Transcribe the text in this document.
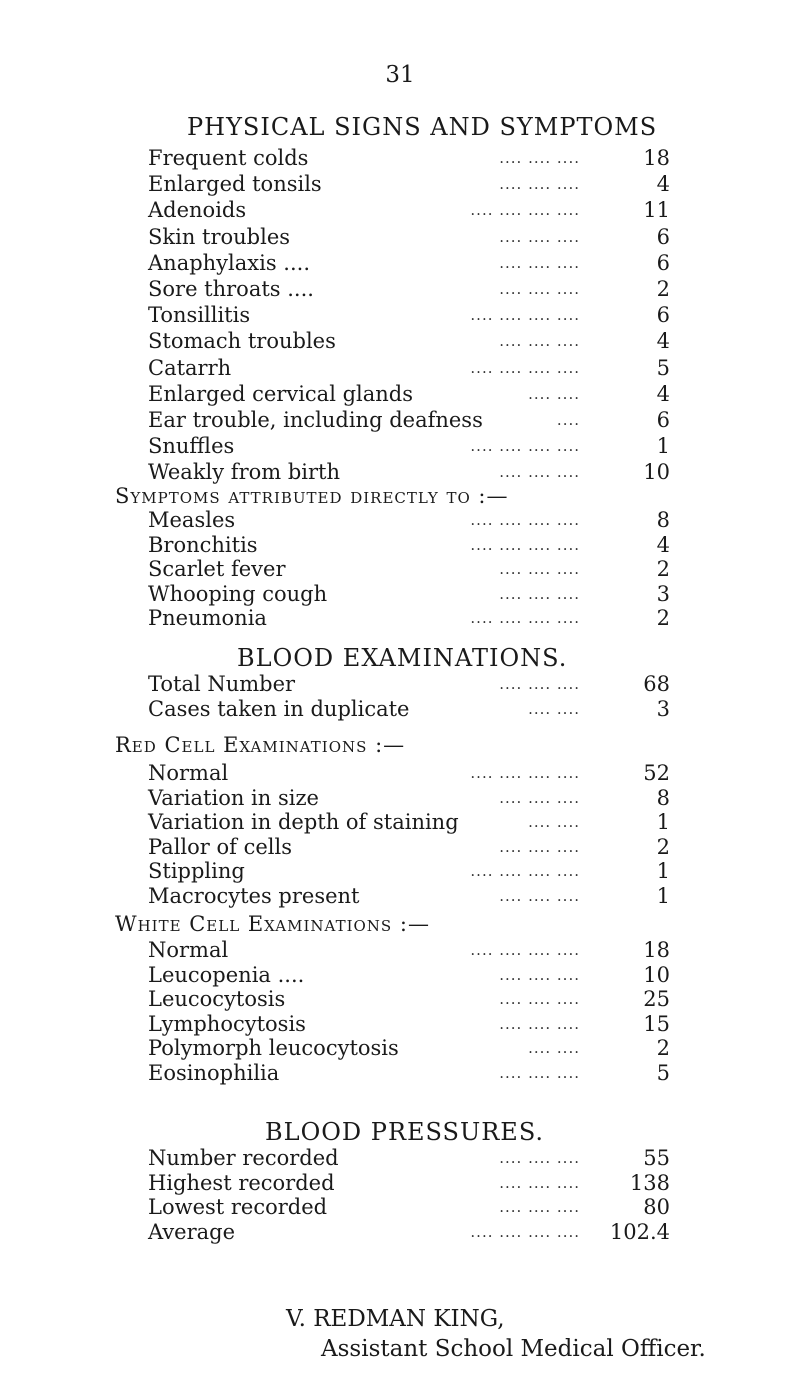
31
PHYSICAL SIGNS AND SYMPTOMS
Frequent colds	.... .... ....	18
Enlarged tonsils	.... .... ....	4
Adenoids	.... .... .... ....	11
Skin troubles	.... .... ....	6
Anaphylaxis ....	.... .... ....	6
Sore throats ....	.... .... ....	2
Tonsillitis	.... .... .... ....	6
Stomach troubles	.... .... ....	4
Catarrh	.... .... .... ....	5
Enlarged cervical glands	.... ....	4
Ear trouble, including deafness	....	6
Snuffles	.... .... .... ....	1
Weakly from birth	.... .... ....	10
Symptoms attributed directly to :—
Measles	.... .... .... ....	8
Bronchitis	.... .... .... ....	4
Scarlet fever	.... .... ....	2
Whooping cough	.... .... ....	3
Pneumonia	.... .... .... ....	2
BLOOD EXAMINATIONS.
Total Number	.... .... ....	68
Cases taken in duplicate	.... ....	3
Red Cell Examinations :—
Normal	.... .... .... ....	52
Variation in size	.... .... ....	8
Variation in depth of staining	.... ....	1
Pallor of cells	.... .... ....	2
Stippling	.... .... .... ....	1
Macrocytes present	.... .... ....	1
White Cell Examinations :—
Normal	.... .... .... ....	18
Leucopenia ....	.... .... ....	10
Leucocytosis	.... .... ....	25
Lymphocytosis	.... .... ....	15
Polymorph leucocytosis	.... ....	2
Eosinophilia	.... .... ....	5
BLOOD PRESSURES.
Number recorded	.... .... ....	55
Highest recorded	.... .... ....	138
Lowest recorded	.... .... ....	80
Average	.... .... .... ....	102.4
V. REDMAN KING,
Assistant School Medical Officer.
